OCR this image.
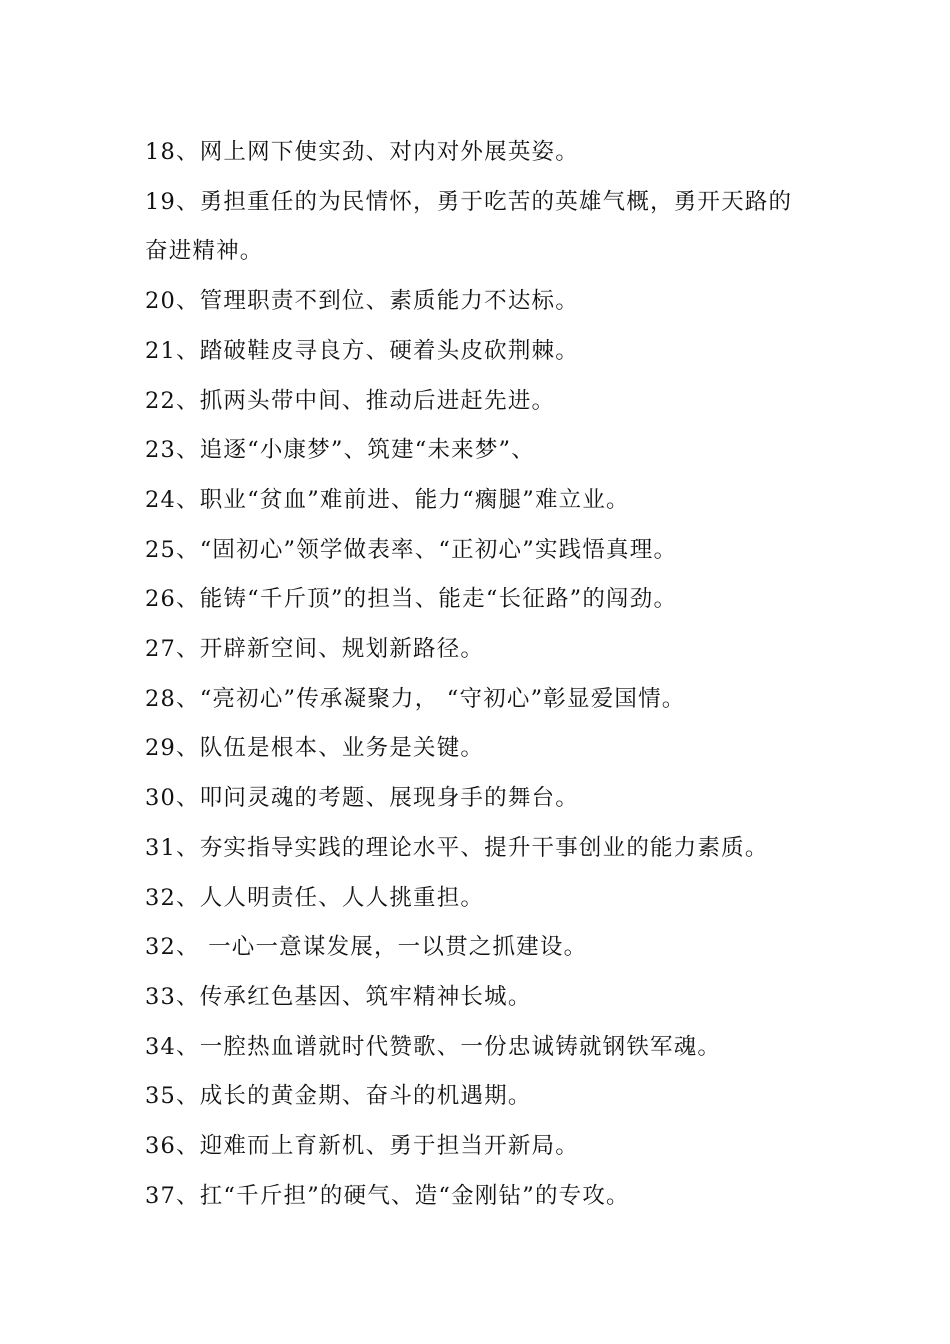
18、网上网下使实劲、对内对外展英姿。
19、勇担重任的为民情怀，勇于吃苦的英雄气概，勇开天路的奋进精神。
20、管理职责不到位、素质能力不达标。
21、踏破鞋皮寻良方、硬着头皮砍荆棘。
22、抓两头带中间、推动后进赶先进。
23、追逐“小康梦”、筑建“未来梦”、
24、职业“贫血”难前进、能力“瘸腿”难立业。
25、“固初心”领学做表率、“正初心”实践悟真理。
26、能铸“千斤顶”的担当、能走“长征路”的闯劲。
27、开辟新空间、规划新路径。
28、“亮初心”传承凝聚力， “守初心”彰显爱国情。
29、队伍是根本、业务是关键。
30、叩问灵魂的考题、展现身手的舞台。
31、夯实指导实践的理论水平、提升干事创业的能力素质。
32、人人明责任、人人挑重担。
32、 一心一意谋发展，一以贯之抓建设。
33、传承红色基因、筑牢精神长城。
34、一腔热血谱就时代赞歌、一份忠诚铸就钢铁军魂。
35、成长的黄金期、奋斗的机遇期。
36、迎难而上育新机、勇于担当开新局。
37、扛“千斤担”的硬气、造“金刚钻”的专攻。
